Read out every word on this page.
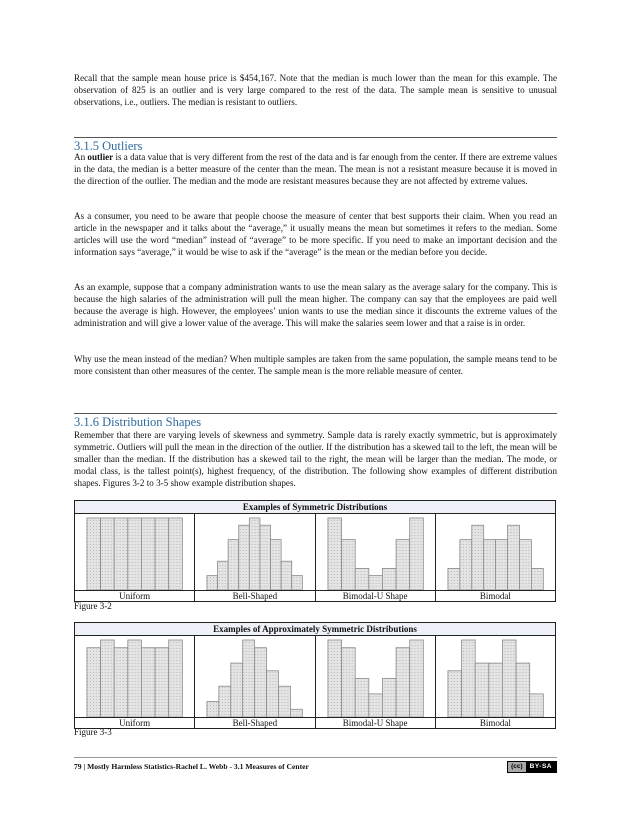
Recall that the sample mean house price is $454,167. Note that the median is much lower than the mean for this example. The observation of 825 is an outlier and is very large compared to the rest of the data. The sample mean is sensitive to unusual observations, i.e., outliers. The median is resistant to outliers.

3.1.5 Outliers

An outlier is a data value that is very different from the rest of the data and is far enough from the center. If there are extreme values in the data, the median is a better measure of the center than the mean. The mean is not a resistant measure because it is moved in the direction of the outlier. The median and the mode are resistant measures because they are not affected by extreme values.

As a consumer, you need to be aware that people choose the measure of center that best supports their claim. When you read an article in the newspaper and it talks about the “average,” it usually means the mean but sometimes it refers to the median. Some articles will use the word “median” instead of “average” to be more specific. If you need to make an important decision and the information says “average,” it would be wise to ask if the “average” is the mean or the median before you decide.

As an example, suppose that a company administration wants to use the mean salary as the average salary for the company. This is because the high salaries of the administration will pull the mean higher. The company can say that the employees are paid well because the average is high. However, the employees’ union wants to use the median since it discounts the extreme values of the administration and will give a lower value of the average. This will make the salaries seem lower and that a raise is in order.

Why use the mean instead of the median? When multiple samples are taken from the same population, the sample means tend to be more consistent than other measures of the center. The sample mean is the more reliable measure of center.

3.1.6 Distribution Shapes

Remember that there are varying levels of skewness and symmetry. Sample data is rarely exactly symmetric, but is approximately symmetric. Outliers will pull the mean in the direction of the outlier. If the distribution has a skewed tail to the left, the mean will be smaller than the median. If the distribution has a skewed tail to the right, the mean will be larger than the median. The mode, or modal class, is the tallest point(s), highest frequency, of the distribution. The following show examples of different distribution shapes. Figures 3-2 to 3-5 show example distribution shapes.

Examples of Symmetric Distributions
Uniform	Bell-Shaped	Bimodal-U Shape	Bimodal

Figure 3-2

Examples of Approximately Symmetric Distributions
Uniform	Bell-Shaped	Bimodal-U Shape	Bimodal

Figure 3-3

79 | Mostly Harmless Statistics-Rachel L. Webb - 3.1 Measures of Center	(cc)	BY-SA
